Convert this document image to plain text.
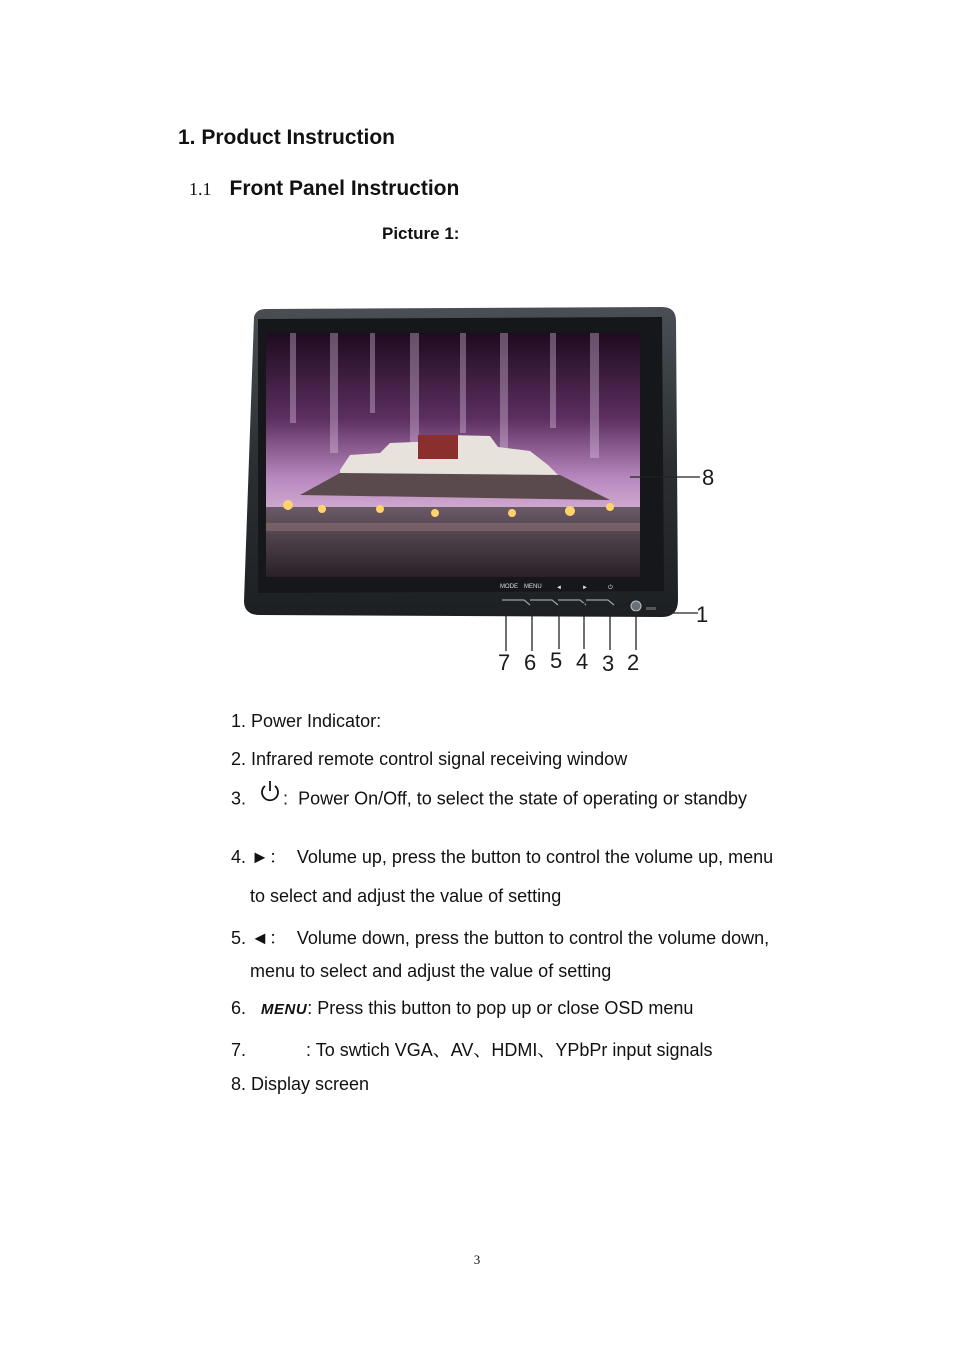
1. Product Instruction
1.1 Front Panel Instruction
Picture 1:
MODE MENU ◄	►	⏻
8
1
7 6 5 4 3 2
1. Power Indicator:
2. Infrared remote control signal receiving window
3. : Power On/Off, to select the state of operating or standby
4. ►： Volume up, press the button to control the volume up, menu
to select and adjust the value of setting
5. ◄： Volume down, press the button to control the volume down,
menu to select and adjust the value of setting
6. MENU: Press this button to pop up or close OSD menu
7.	: To swtich VGA、AV、HDMI、YPbPr input signals
8. Display screen
3
